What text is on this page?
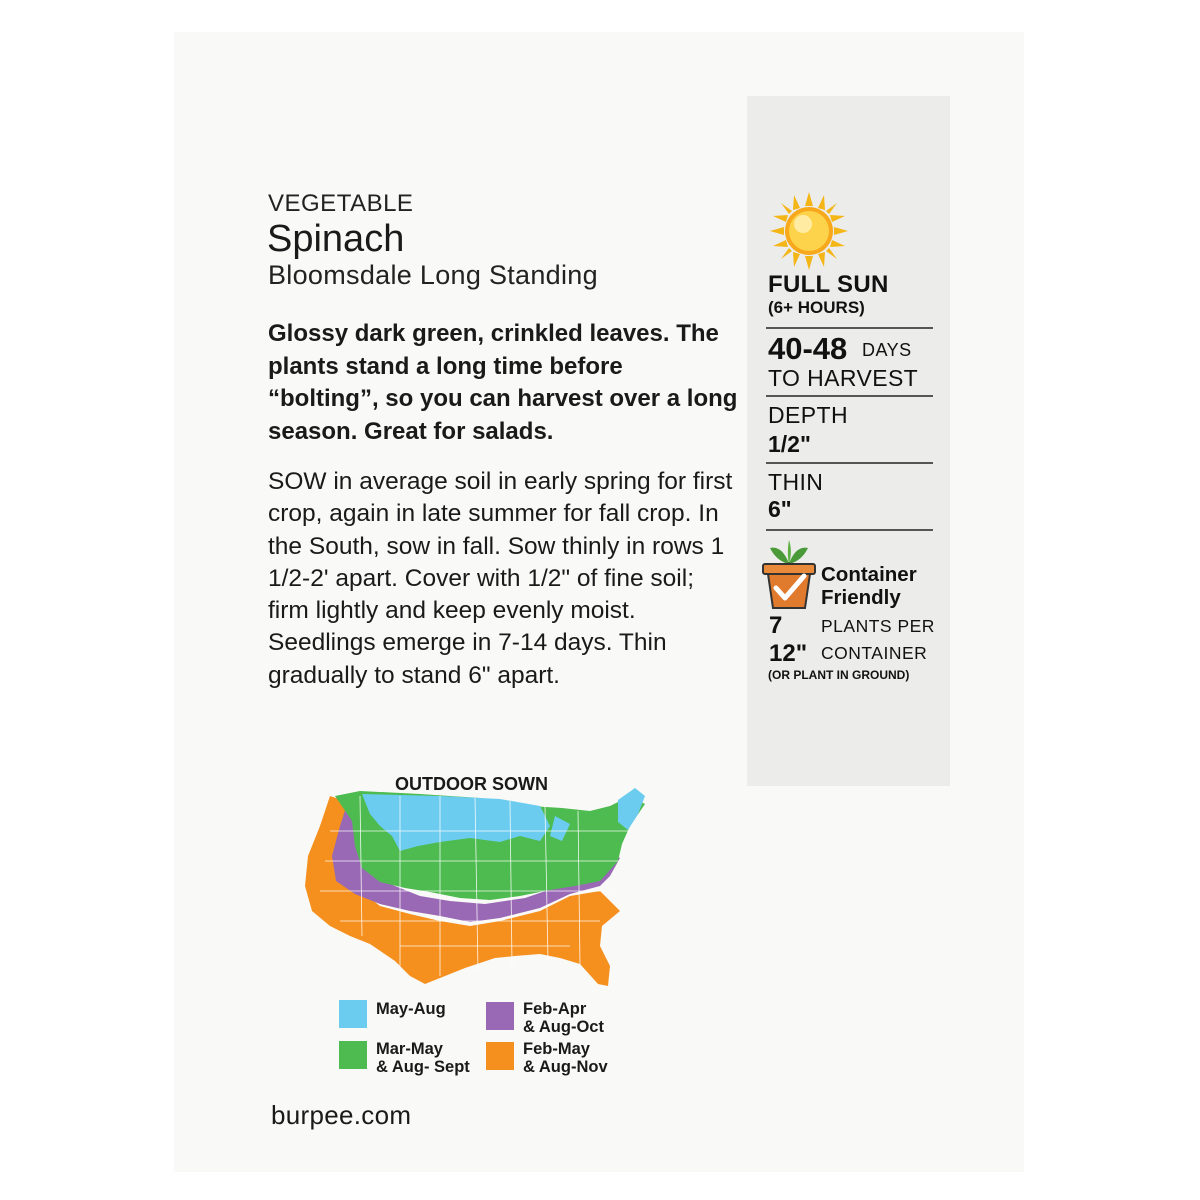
VEGETABLE
Spinach
Bloomsdale Long Standing
Glossy dark green, crinkled leaves. The plants stand a long time before “bolting”, so you can harvest over a long season. Great for salads.
SOW in average soil in early spring for first crop, again in late summer for fall crop. In the South, sow in fall. Sow thinly in rows 1 1/2-2' apart. Cover with 1/2" of fine soil; firm lightly and keep evenly moist. Seedlings emerge in 7-14 days. Thin gradually to stand 6" apart.
OUTDOOR SOWN
May-Aug
Mar-May
& Aug- Sept
Feb-Apr
& Aug-Oct
Feb-May
& Aug-Nov
burpee.com
FULL SUN
(6+ HOURS)
40-48 DAYS
TO HARVEST
DEPTH
1/2"
THIN
6"
Container
Friendly
7 PLANTS PER
12" CONTAINER
(OR PLANT IN GROUND)
